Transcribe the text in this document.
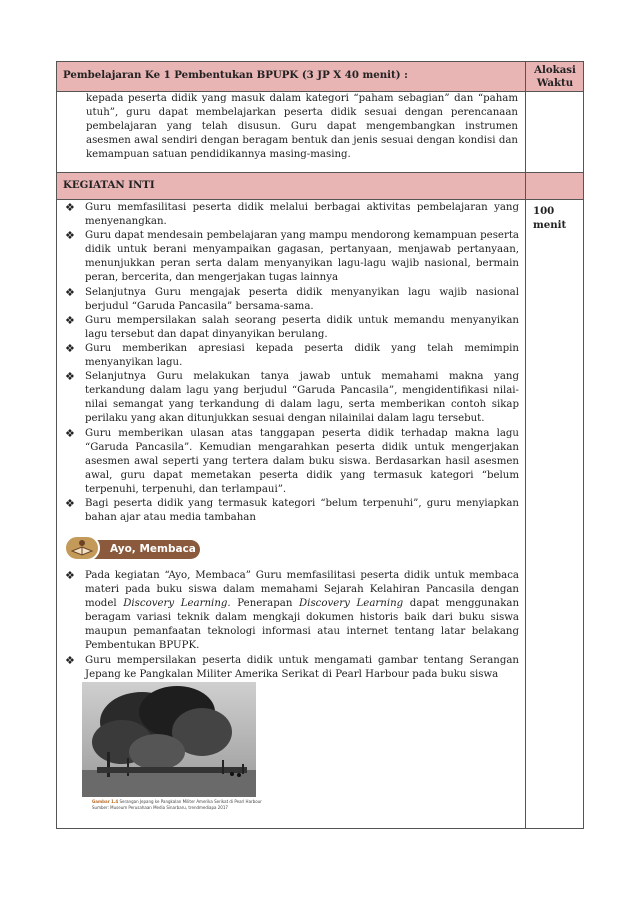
Pembelajaran Ke 1 Pembentukan BPUPK (3 JP X 40 menit) :	Alokasi Waktu
kepada peserta didik yang masuk dalam kategori “paham sebagian” dan “paham utuh”, guru dapat membelajarkan peserta didik sesuai dengan perencanaan pembelajaran yang telah disusun. Guru dapat mengembangkan instrumen asesmen awal sendiri dengan beragam bentuk dan jenis sesuai dengan kondisi dan kemampuan satuan pendidikannya masing-masing.
KEGIATAN INTI
100 menit
❖ Guru memfasilitasi peserta didik melalui berbagai aktivitas pembelajaran yang menyenangkan.
❖ Guru dapat mendesain pembelajaran yang mampu mendorong kemampuan peserta didik untuk berani menyampaikan gagasan, pertanyaan, menjawab pertanyaan, menunjukkan peran serta dalam menyanyikan lagu-lagu wajib nasional, bermain peran, bercerita, dan mengerjakan tugas lainnya
❖ Selanjutnya Guru mengajak peserta didik menyanyikan lagu wajib nasional berjudul “Garuda Pancasila” bersama-sama.
❖ Guru mempersilakan salah seorang peserta didik untuk memandu menyanyikan lagu tersebut dan dapat dinyanyikan berulang.
❖ Guru memberikan apresiasi kepada peserta didik yang telah memimpin menyanyikan lagu.
❖ Selanjutnya Guru melakukan tanya jawab untuk memahami makna yang terkandung dalam lagu yang berjudul “Garuda Pancasila”, mengidentifikasi nilai-nilai semangat yang terkandung di dalam lagu, serta memberikan contoh sikap perilaku yang akan ditunjukkan sesuai dengan nilainilai dalam lagu tersebut.
❖ Guru memberikan ulasan atas tanggapan peserta didik terhadap makna lagu “Garuda Pancasila”. Kemudian mengarahkan peserta didik untuk mengerjakan asesmen awal seperti yang tertera dalam buku siswa. Berdasarkan hasil asesmen awal, guru dapat memetakan peserta didik yang termasuk kategori “belum terpenuhi, terpenuhi, dan terlampaui”.
❖ Bagi peserta didik yang termasuk kategori “belum terpenuhi”, guru menyiapkan bahan ajar atau media tambahan
❖ Pada kegiatan “Ayo, Membaca” Guru memfasilitasi peserta didik untuk membaca materi pada buku siswa dalam memahami Sejarah Kelahiran Pancasila dengan model Discovery Learning. Penerapan Discovery Learning dapat menggunakan beragam variasi teknik dalam mengkaji dokumen historis baik dari buku siswa maupun pemanfaatan teknologi informasi atau internet tentang latar belakang Pembentukan BPUPK.
❖ Guru mempersilakan peserta didik untuk mengamati gambar tentang Serangan Jepang ke Pangkalan Militer Amerika Serikat di Pearl Harbour pada buku siswa
Ayo, Membaca
Gambar 1.4 Serangan Jepang ke Pangkalan Militer Amerika Serikat di Pearl Harbour
Sumber: Museum Perusahaan Media Sinarbaru, trendmediapa 2017
